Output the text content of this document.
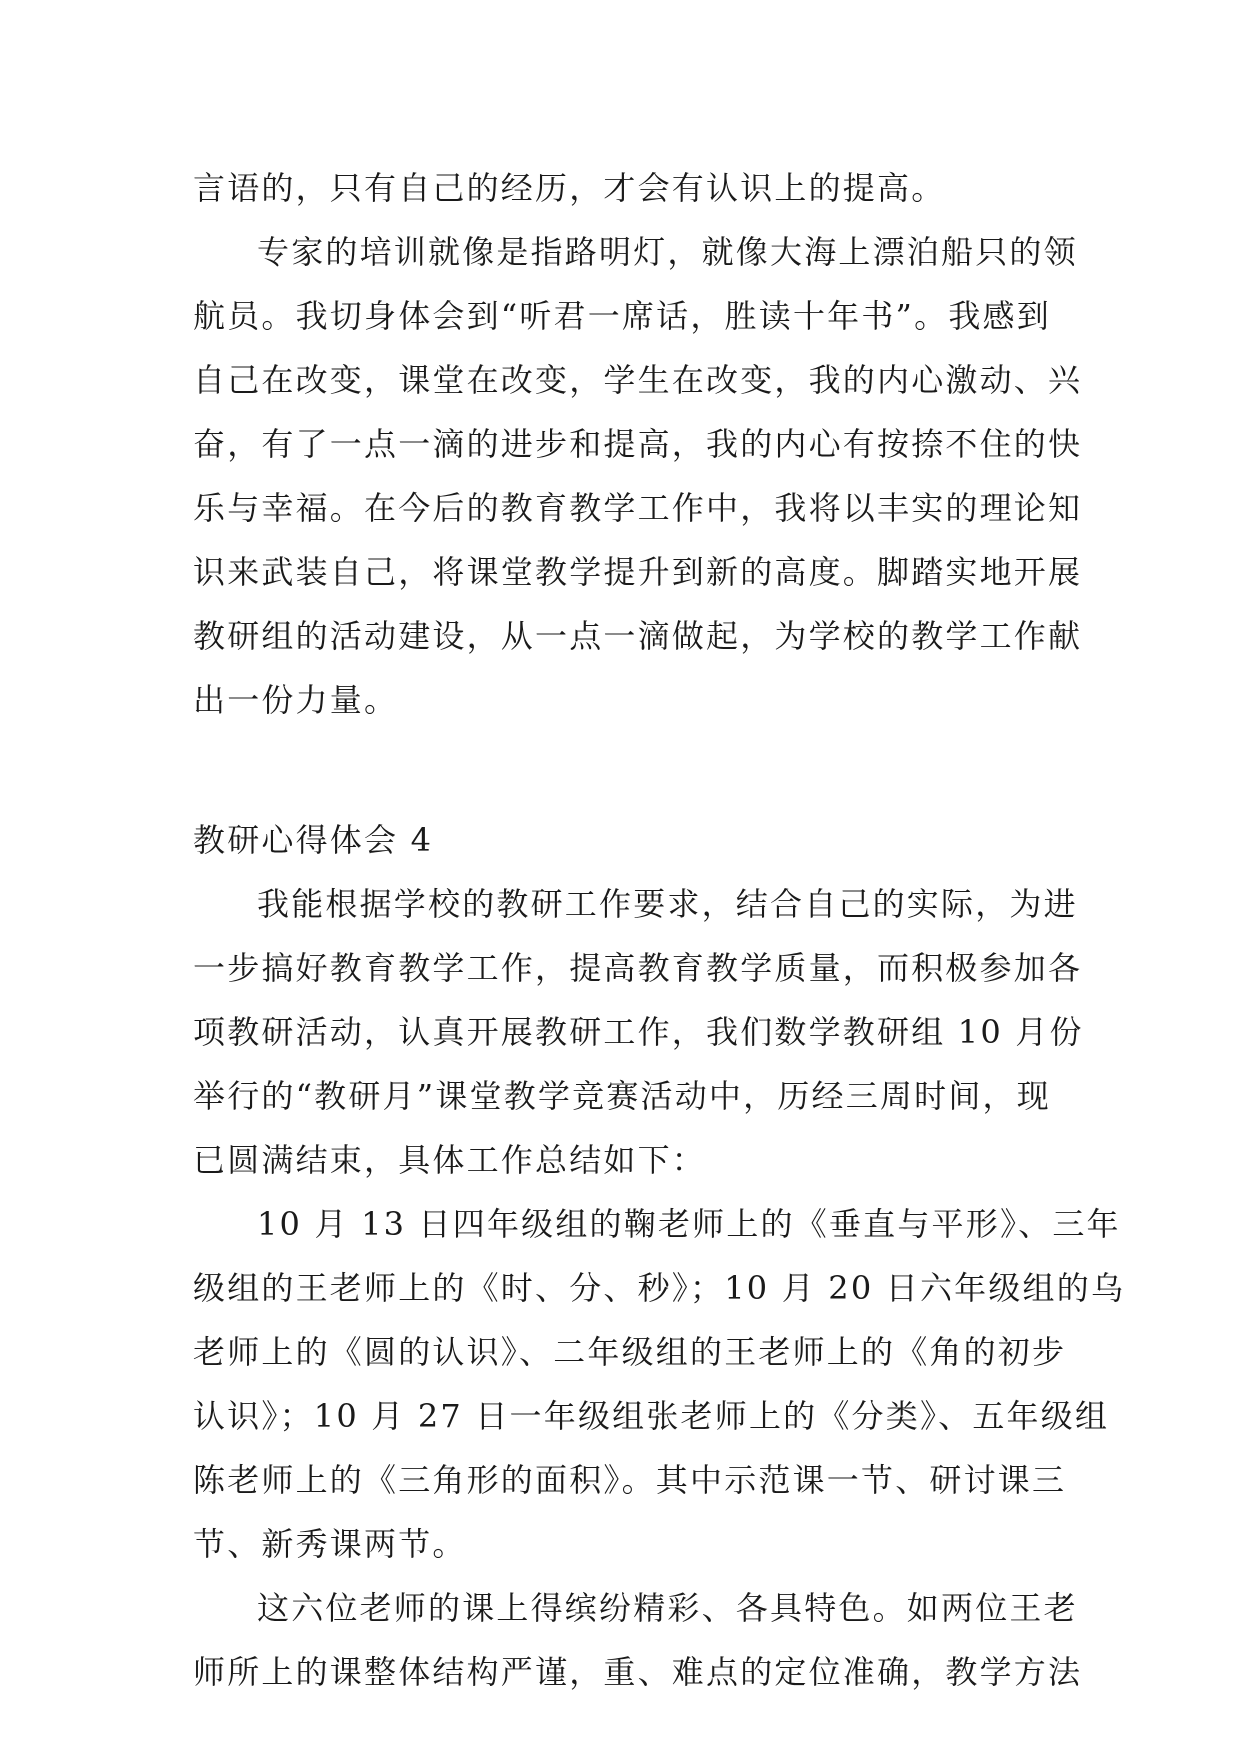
言语的，只有自己的经历，才会有认识上的提高。
专家的培训就像是指路明灯，就像大海上漂泊船只的领
航员。我切身体会到“听君一席话，胜读十年书”。我感到
自己在改变，课堂在改变，学生在改变，我的内心激动、兴
奋，有了一点一滴的进步和提高，我的内心有按捺不住的快
乐与幸福。在今后的教育教学工作中，我将以丰实的理论知
识来武装自己，将课堂教学提升到新的高度。脚踏实地开展
教研组的活动建设，从一点一滴做起，为学校的教学工作献
出一份力量。
教研心得体会 4
我能根据学校的教研工作要求，结合自己的实际，为进
一步搞好教育教学工作，提高教育教学质量，而积极参加各
项教研活动，认真开展教研工作，我们数学教研组 10 月份
举行的“教研月”课堂教学竞赛活动中，历经三周时间，现
已圆满结束，具体工作总结如下：
10 月 13 日四年级组的鞠老师上的《垂直与平形》、三年
级组的王老师上的《时、分、秒》；10 月 20 日六年级组的乌
老师上的《圆的认识》、二年级组的王老师上的《角的初步
认识》；10 月 27 日一年级组张老师上的《分类》、五年级组
陈老师上的《三角形的面积》。其中示范课一节、研讨课三
节、新秀课两节。
这六位老师的课上得缤纷精彩、各具特色。如两位王老
师所上的课整体结构严谨，重、难点的定位准确，教学方法
